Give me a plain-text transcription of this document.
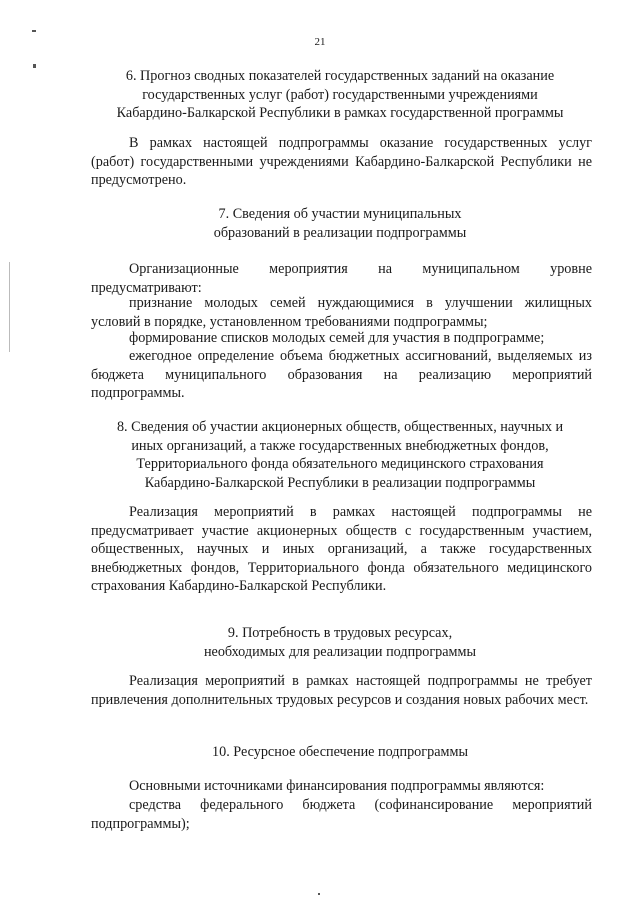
21
6. Прогноз сводных показателей государственных заданий на оказание
государственных услуг (работ) государственными учреждениями
Кабардино-Балкарской Республики в рамках государственной программы

В рамках настоящей подпрограммы оказание государственных услуг (работ) государственными учреждениями Кабардино-Балкарской Республики не предусмотрено.

7. Сведения об участии муниципальных
образований в реализации подпрограммы

Организационные мероприятия на муниципальном уровне предусматривают:

признание молодых семей нуждающимися в улучшении жилищных условий в порядке, установленном требованиями подпрограммы;

формирование списков молодых семей для участия в подпрограмме;

ежегодное определение объема бюджетных ассигнований, выделяемых из бюджета муниципального образования на реализацию мероприятий подпрограммы.

8. Сведения об участии акционерных обществ, общественных, научных и
иных организаций, а также государственных внебюджетных фондов,
Территориального фонда обязательного медицинского страхования
Кабардино-Балкарской Республики в реализации подпрограммы

Реализация мероприятий в рамках настоящей подпрограммы не предусматривает участие акционерных обществ с государственным участием, общественных, научных и иных организаций, а также государственных внебюджетных фондов, Территориального фонда обязательного медицинского страхования Кабардино-Балкарской Республики.

9. Потребность в трудовых ресурсах,
необходимых для реализации подпрограммы

Реализация мероприятий в рамках настоящей подпрограммы не требует привлечения дополнительных трудовых ресурсов и создания новых рабочих мест.

10. Ресурсное обеспечение подпрограммы

Основными источниками финансирования подпрограммы являются:

средства федерального бюджета (софинансирование мероприятий подпрограммы);
